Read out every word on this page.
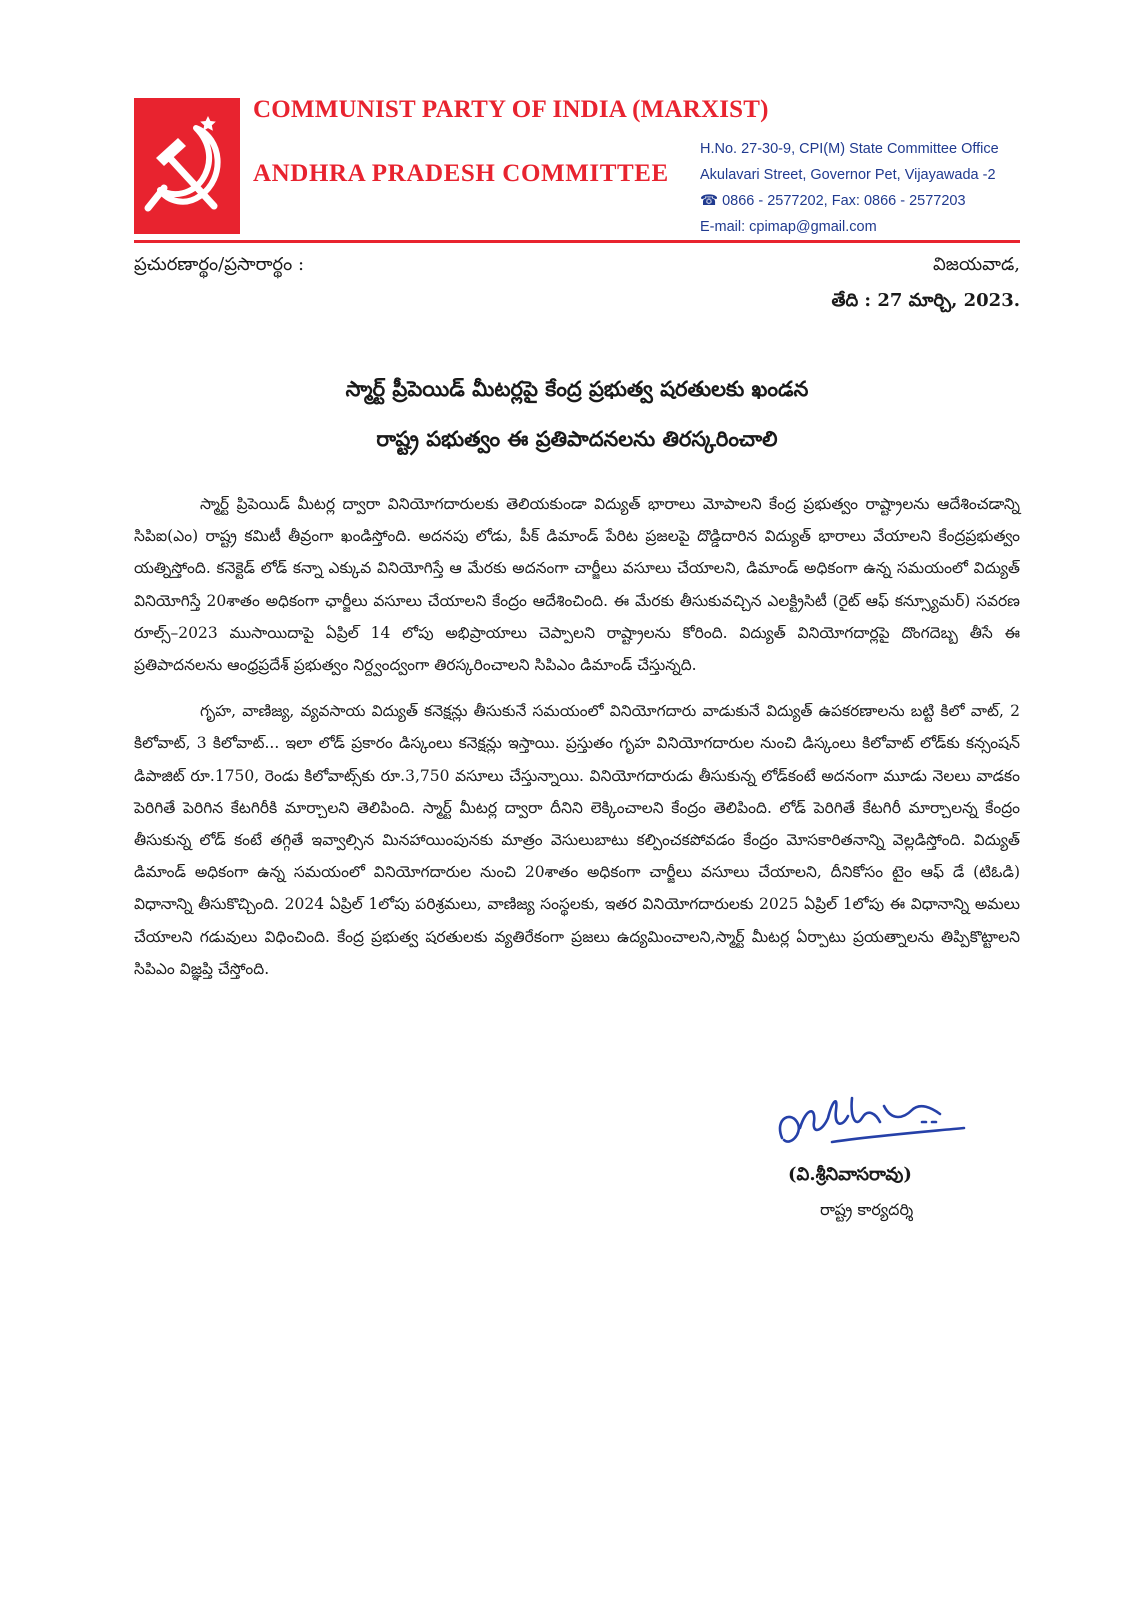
COMMUNIST PARTY OF INDIA (MARXIST)
ANDHRA PRADESH COMMITTEE
H.No. 27-30-9, CPI(M) State Committee Office
Akulavari Street, Governor Pet, Vijayawada -2
☎ 0866 - 2577202, Fax: 0866 - 2577203
E-mail: cpimap@gmail.com
ప్రచురణార్థం/ప్రసారార్థం :	విజయవాడ,
తేది : 27 మార్చి, 2023.
స్మార్ట్ ప్రీపెయిడ్ మీటర్లపై కేంద్ర ప్రభుత్వ షరతులకు ఖండన
రాష్ట్ర పభుత్వం ఈ ప్రతిపాదనలను తిరస్కరించాలి

స్మార్ట్ ప్రిపెయిడ్ మీటర్ల ద్వారా వినియోగదారులకు తెలియకుండా విద్యుత్ భారాలు మోపాలని కేంద్ర ప్రభుత్వం రాష్ట్రాలను ఆదేశించడాన్ని సిపిఐ(ఎం) రాష్ట్ర కమిటీ తీవ్రంగా ఖండిస్తోంది. అదనపు లోడు, పీక్ డిమాండ్ పేరిట ప్రజలపై దొడ్డిదారిన విద్యుత్ భారాలు వేయాలని కేంద్రప్రభుత్వం యత్నిస్తోంది. కనెక్టెడ్ లోడ్ కన్నా ఎక్కువ వినియోగిస్తే ఆ మేరకు అదనంగా చార్జీలు వసూలు చేయాలని, డిమాండ్ అధికంగా ఉన్న సమయంలో విద్యుత్ వినియోగిస్తే 20శాతం అధికంగా ఛార్జీలు వసూలు చేయాలని కేంద్రం ఆదేశించింది. ఈ మేరకు తీసుకువచ్చిన ఎలక్ట్రిసిటీ (రైట్ ఆఫ్ కన్స్యూమర్) సవరణ రూల్స్–2023 ముసాయిదాపై ఏప్రిల్ 14 లోపు అభిప్రాయాలు చెప్పాలని రాష్ట్రాలను కోరింది. విద్యుత్ వినియోగదార్లపై దొంగదెబ్బ తీసే ఈ ప్రతిపాదనలను ఆంధ్రప్రదేశ్ ప్రభుత్వం నిర్ద్వంద్వంగా తిరస్కరించాలని సిపిఎం డిమాండ్ చేస్తున్నది.

గృహ, వాణిజ్య, వ్యవసాయ విద్యుత్ కనెక్షన్లు తీసుకునే సమయంలో వినియోగదారు వాడుకునే విద్యుత్ ఉపకరణాలను బట్టి కిలో వాట్, 2 కిలోవాట్, 3 కిలోవాట్... ఇలా లోడ్ ప్రకారం డిస్కంలు కనెక్షన్లు ఇస్తాయి. ప్రస్తుతం గృహ వినియోగదారుల నుంచి డిస్కంలు కిలోవాట్ లోడ్‌కు కన్సంషన్ డిపాజిట్ రూ.1750, రెండు కిలోవాట్స్‌కు రూ.3,750 వసూలు చేస్తున్నాయి. వినియోగదారుడు తీసుకున్న లోడ్‌కంటే అదనంగా మూడు నెలలు వాడకం పెరిగితే పెరిగిన కేటగిరీకి మార్చాలని తెలిపింది. స్మార్ట్ మీటర్ల ద్వారా దీనిని లెక్కించాలని కేంద్రం తెలిపింది. లోడ్ పెరిగితే కేటగిరీ మార్చాలన్న కేంద్రం తీసుకున్న లోడ్ కంటే తగ్గితే ఇవ్వాల్సిన మినహాయింపునకు మాత్రం వెసులుబాటు కల్పించకపోవడం కేంద్రం మోసకారితనాన్ని వెల్లడిస్తోంది. విద్యుత్ డిమాండ్ అధికంగా ఉన్న సమయంలో వినియోగదారుల నుంచి 20శాతం అధికంగా చార్జీలు వసూలు చేయాలని, దీనికోసం టైం ఆఫ్ డే (టిఓడి) విధానాన్ని తీసుకొచ్చింది. 2024 ఏప్రిల్ 1లోపు పరిశ్రమలు, వాణిజ్య సంస్థలకు, ఇతర వినియోగదారులకు 2025 ఏప్రిల్ 1లోపు ఈ విధానాన్ని అమలు చేయాలని గడువులు విధించింది. కేంద్ర ప్రభుత్వ షరతులకు వ్యతిరేకంగా ప్రజలు ఉద్యమించాలని,స్మార్ట్ మీటర్ల ఏర్పాటు ప్రయత్నాలను తిప్పికొట్టాలని సిపిఎం విజ్ఞప్తి చేస్తోంది.

(వి.శ్రీనివాసరావు)
రాష్ట్ర కార్యదర్శి
